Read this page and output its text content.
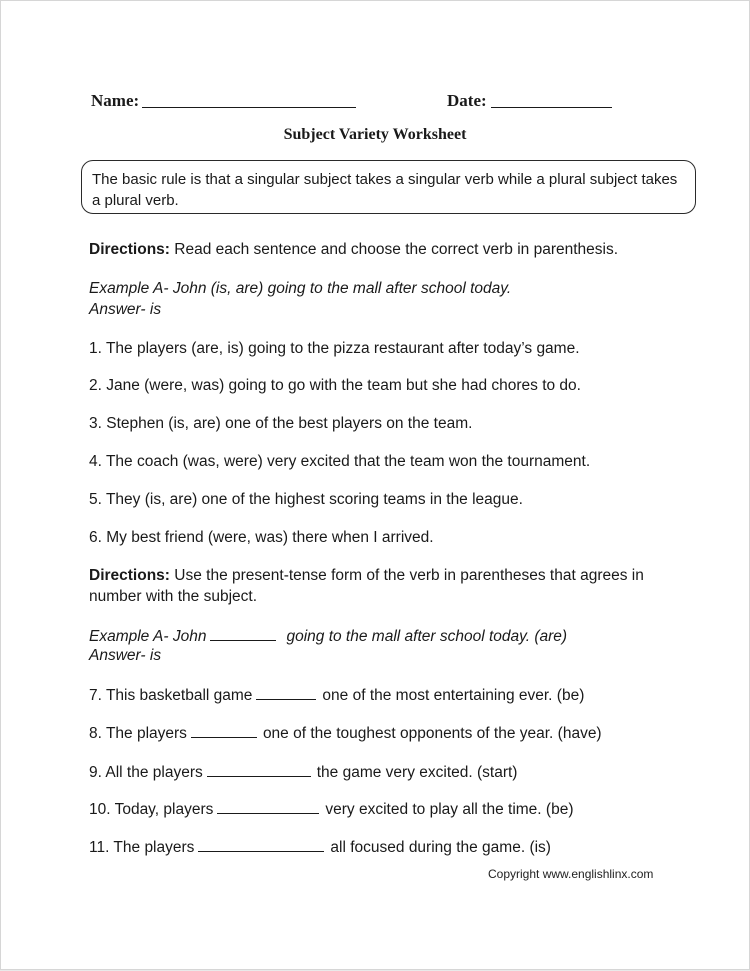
Name:	Date:
Subject Variety Worksheet
The basic rule is that a singular subject takes a singular verb while a plural subject takes a plural verb.
Directions: Read each sentence and choose the correct verb in parenthesis.
Example A- John (is, are) going to the mall after school today.
Answer- is
1. The players (are, is) going to the pizza restaurant after today’s game.
2. Jane (were, was) going to go with the team but she had chores to do.
3. Stephen (is, are) one of the best players on the team.
4. The coach (was, were) very excited that the team won the tournament.
5. They (is, are) one of the highest scoring teams in the league.
6. My best friend (were, was) there when I arrived.
Directions: Use the present-tense form of the verb in parentheses that agrees in
number with the subject.
Example A- John	going to the mall after school today. (are)
Answer- is
7. This basketball game	one of the most entertaining ever. (be)
8. The players	one of the toughest opponents of the year. (have)
9. All the players	the game very excited. (start)
10. Today, players	very excited to play all the time. (be)
11. The players	all focused during the game. (is)
Copyright www.englishlinx.com
